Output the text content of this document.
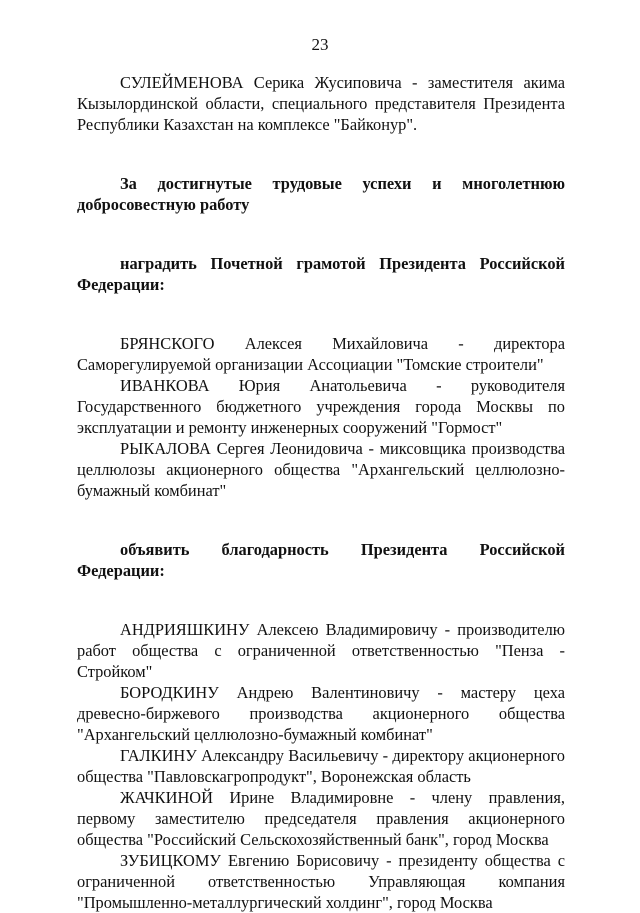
23

СУЛЕЙМЕНОВА Серика Жусиповича - заместителя акима Кызылординской области, специального представителя Президента Республики Казахстан на комплексе "Байконур".

За достигнутые трудовые успехи и многолетнюю добросовестную работу

наградить Почетной грамотой Президента Российской Федерации:

БРЯНСКОГО Алексея Михайловича - директора Саморегулируемой организации Ассоциации "Томские строители"

ИВАНКОВА Юрия Анатольевича - руководителя Государственного бюджетного учреждения города Москвы по эксплуатации и ремонту инженерных сооружений "Гормост"

РЫКАЛОВА Сергея Леонидовича - миксовщика производства целлюлозы акционерного общества "Архангельский целлюлозно-бумажный комбинат"

объявить благодарность Президента Российской Федерации:

АНДРИЯШКИНУ Алексею Владимировичу - производителю работ общества с ограниченной ответственностью "Пенза - Стройком"

БОРОДКИНУ Андрею Валентиновичу - мастеру цеха древесно-биржевого производства акционерного общества "Архангельский целлюлозно-бумажный комбинат"

ГАЛКИНУ Александру Васильевичу - директору акционерного общества "Павловскагропродукт", Воронежская область

ЖАЧКИНОЙ Ирине Владимировне - члену правления, первому заместителю председателя правления акционерного общества "Российский Сельскохозяйственный банк", город Москва

ЗУБИЦКОМУ Евгению Борисовичу - президенту общества с ограниченной ответственностью Управляющая компания "Промышленно-металлургический холдинг", город Москва
